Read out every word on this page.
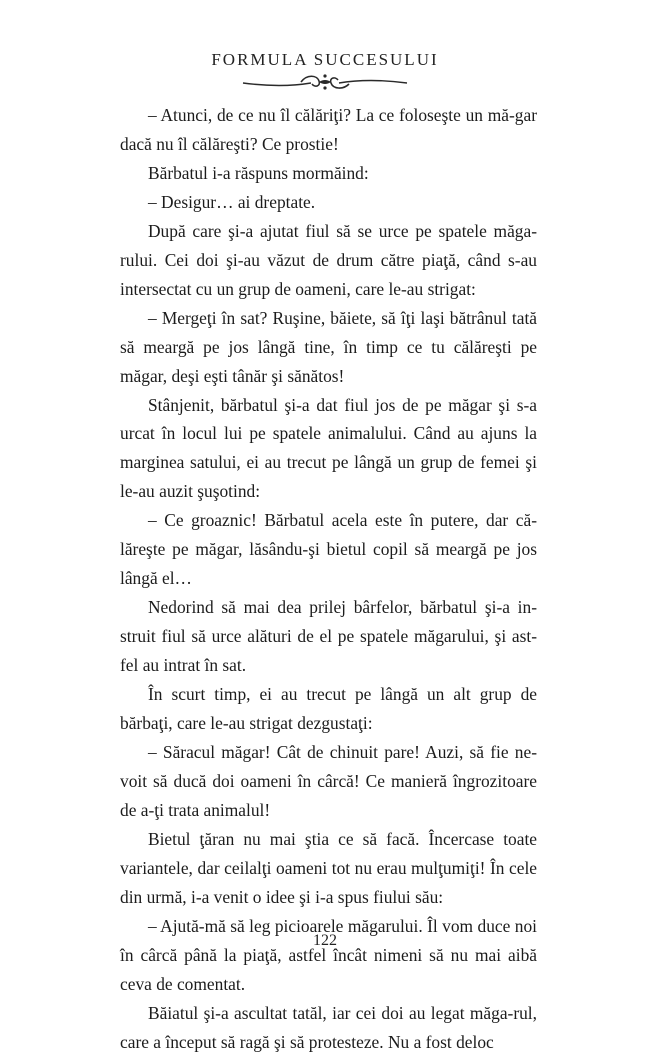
FORMULA SUCCESULUI

– Atunci, de ce nu îl călăriţi? La ce foloseşte un mă-gar dacă nu îl călăreşti? Ce prostie!

Bărbatul i-a răspuns mormăind:

– Desigur… ai dreptate.

După care şi-a ajutat fiul să se urce pe spatele măga-rului. Cei doi şi-au văzut de drum către piaţă, când s-au intersectat cu un grup de oameni, care le-au strigat:

– Mergeţi în sat? Ruşine, băiete, să îţi laşi bătrânul tată să meargă pe jos lângă tine, în timp ce tu călăreşti pe măgar, deşi eşti tânăr şi sănătos!

Stânjenit, bărbatul şi-a dat fiul jos de pe măgar şi s-a urcat în locul lui pe spatele animalului. Când au ajuns la marginea satului, ei au trecut pe lângă un grup de femei şi le-au auzit şuşotind:

– Ce groaznic! Bărbatul acela este în putere, dar că-lăreşte pe măgar, lăsându-şi bietul copil să meargă pe jos lângă el…

Nedorind să mai dea prilej bârfelor, bărbatul şi-a in-struit fiul să urce alături de el pe spatele măgarului, şi ast-fel au intrat în sat.

În scurt timp, ei au trecut pe lângă un alt grup de bărbaţi, care le-au strigat dezgustaţi:

– Săracul măgar! Cât de chinuit pare! Auzi, să fie ne-voit să ducă doi oameni în cârcă! Ce manieră îngrozitoare de a-ţi trata animalul!

Bietul ţăran nu mai ştia ce să facă. Încercase toate variantele, dar ceilalţi oameni tot nu erau mulţumiţi! În cele din urmă, i-a venit o idee şi i-a spus fiului său:

– Ajută-mă să leg picioarele măgarului. Îl vom duce noi în cârcă până la piaţă, astfel încât nimeni să nu mai aibă ceva de comentat.

Băiatul şi-a ascultat tatăl, iar cei doi au legat măga-rul, care a început să ragă şi să protesteze. Nu a fost deloc

122
